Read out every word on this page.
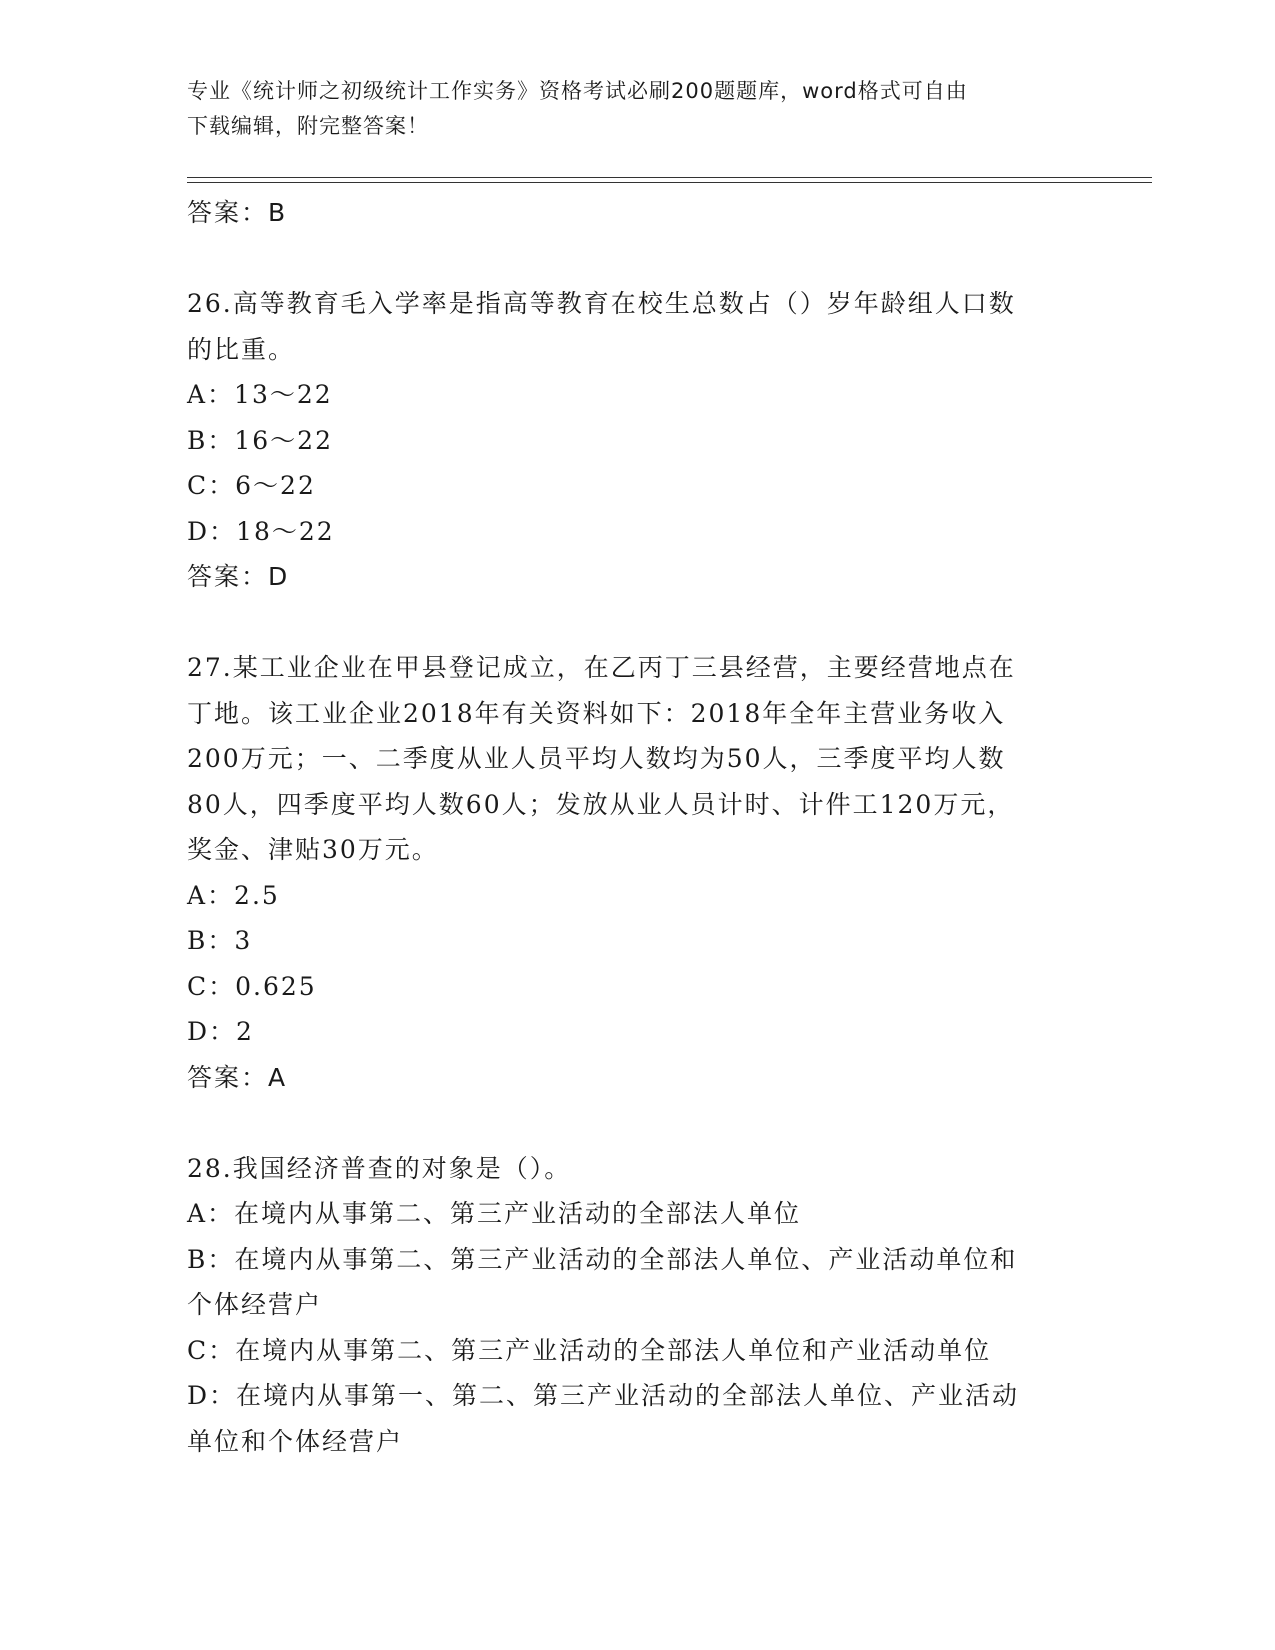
专业《统计师之初级统计工作实务》资格考试必刷200题题库，word格式可自由
下载编辑，附完整答案！
答案：B
26.高等教育毛入学率是指高等教育在校生总数占（）岁年龄组人口数
的比重。
A：13～22
B：16～22
C：6～22
D：18～22
答案：D
27.某工业企业在甲县登记成立，在乙丙丁三县经营，主要经营地点在
丁地。该工业企业2018年有关资料如下：2018年全年主营业务收入
200万元；一、二季度从业人员平均人数均为50人，三季度平均人数
80人，四季度平均人数60人；发放从业人员计时、计件工120万元，
奖金、津贴30万元。
A：2.5
B：3
C：0.625
D：2
答案：A
28.我国经济普查的对象是（）。
A：在境内从事第二、第三产业活动的全部法人单位
B：在境内从事第二、第三产业活动的全部法人单位、产业活动单位和
个体经营户
C：在境内从事第二、第三产业活动的全部法人单位和产业活动单位
D：在境内从事第一、第二、第三产业活动的全部法人单位、产业活动
单位和个体经营户
